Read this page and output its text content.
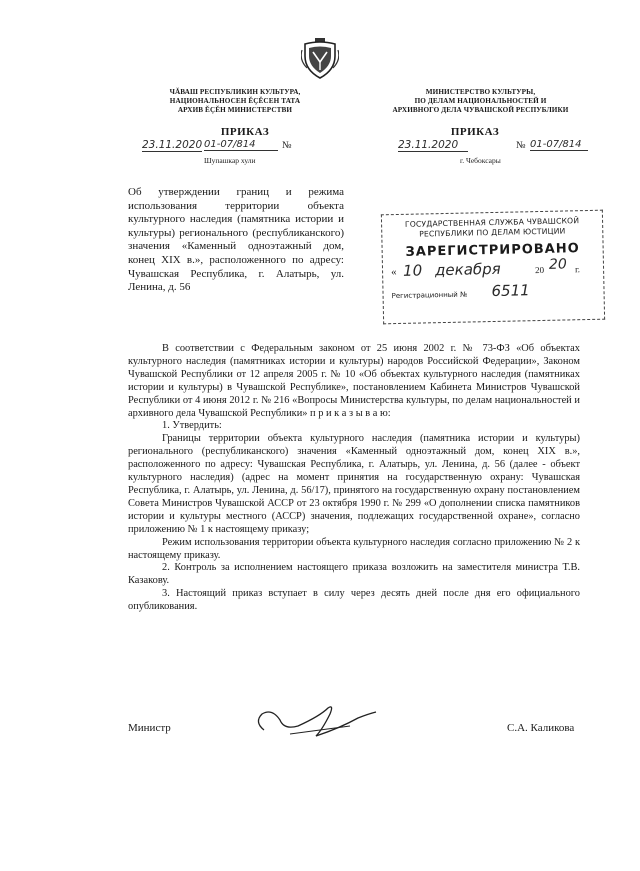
ЧĂВАШ РЕСПУБЛИКИН КУЛЬТУРА,
НАЦИОНАЛЬНОСЕН ĔÇĔСЕН ТАТА
АРХИВ ĔÇĔН МИНИСТЕРСТВИ
МИНИСТЕРСТВО КУЛЬТУРЫ,
ПО ДЕЛАМ НАЦИОНАЛЬНОСТЕЙ И
АРХИВНОГО ДЕЛА ЧУВАШСКОЙ РЕСПУБЛИКИ
ПРИКАЗ	ПРИКАЗ
23.11.2020 01-07/814	№
Шупашкар хули
23.11.2020	№ 01-07/814
г. Чебоксары
Об утверждении границ и режима использования территории объекта культурного наследия (памятника истории и культуры) регионального (республиканского) значения «Каменный одноэтажный дом, конец XIX в.», расположенного по адресу: Чувашская Республика, г. Алатырь, ул. Ленина, д. 56
ГОСУДАРСТВЕННАЯ СЛУЖБА ЧУВАШСКОЙ
РЕСПУБЛИКИ ПО ДЕЛАМ ЮСТИЦИИ
ЗАРЕГИСТРИРОВАНО
« 10 декабря	20 20 г.
Регистрационный № 6511

В соответствии с Федеральным законом от 25 июня 2002 г. № 73-ФЗ «Об объектах культурного наследия (памятниках истории и культуры) народов Российской Федерации», Законом Чувашской Республики от 12 апреля 2005 г. № 10 «Об объектах культурного наследия (памятниках истории и культуры) в Чувашской Республике», постановлением Кабинета Министров Чувашской Республики от 4 июня 2012 г. № 216 «Вопросы Министерства культуры, по делам национальностей и архивного дела Чувашской Республики» п р и к а з ы в а ю:

1. Утвердить:

Границы территории объекта культурного наследия (памятника истории и культуры) регионального (республиканского) значения «Каменный одноэтажный дом, конец XIX в.», расположенного по адресу: Чувашская Республика, г. Алатырь, ул. Ленина, д. 56 (далее - объект культурного наследия) (адрес на момент принятия на государственную охрану: Чувашская Республика, г. Алатырь, ул. Ленина, д. 56/17), принятого на государственную охрану постановлением Совета Министров Чувашской АССР от 23 октября 1990 г. № 299 «О дополнении списка памятников истории и культуры местного (АССР) значения, подлежащих государственной охране», согласно приложению № 1 к настоящему приказу;

Режим использования территории объекта культурного наследия согласно приложению № 2 к настоящему приказу.

2. Контроль за исполнением настоящего приказа возложить на заместителя министра Т.В. Казакову.

3. Настоящий приказ вступает в силу через десять дней после дня его официального опубликования.

Министр	С.А. Каликова
